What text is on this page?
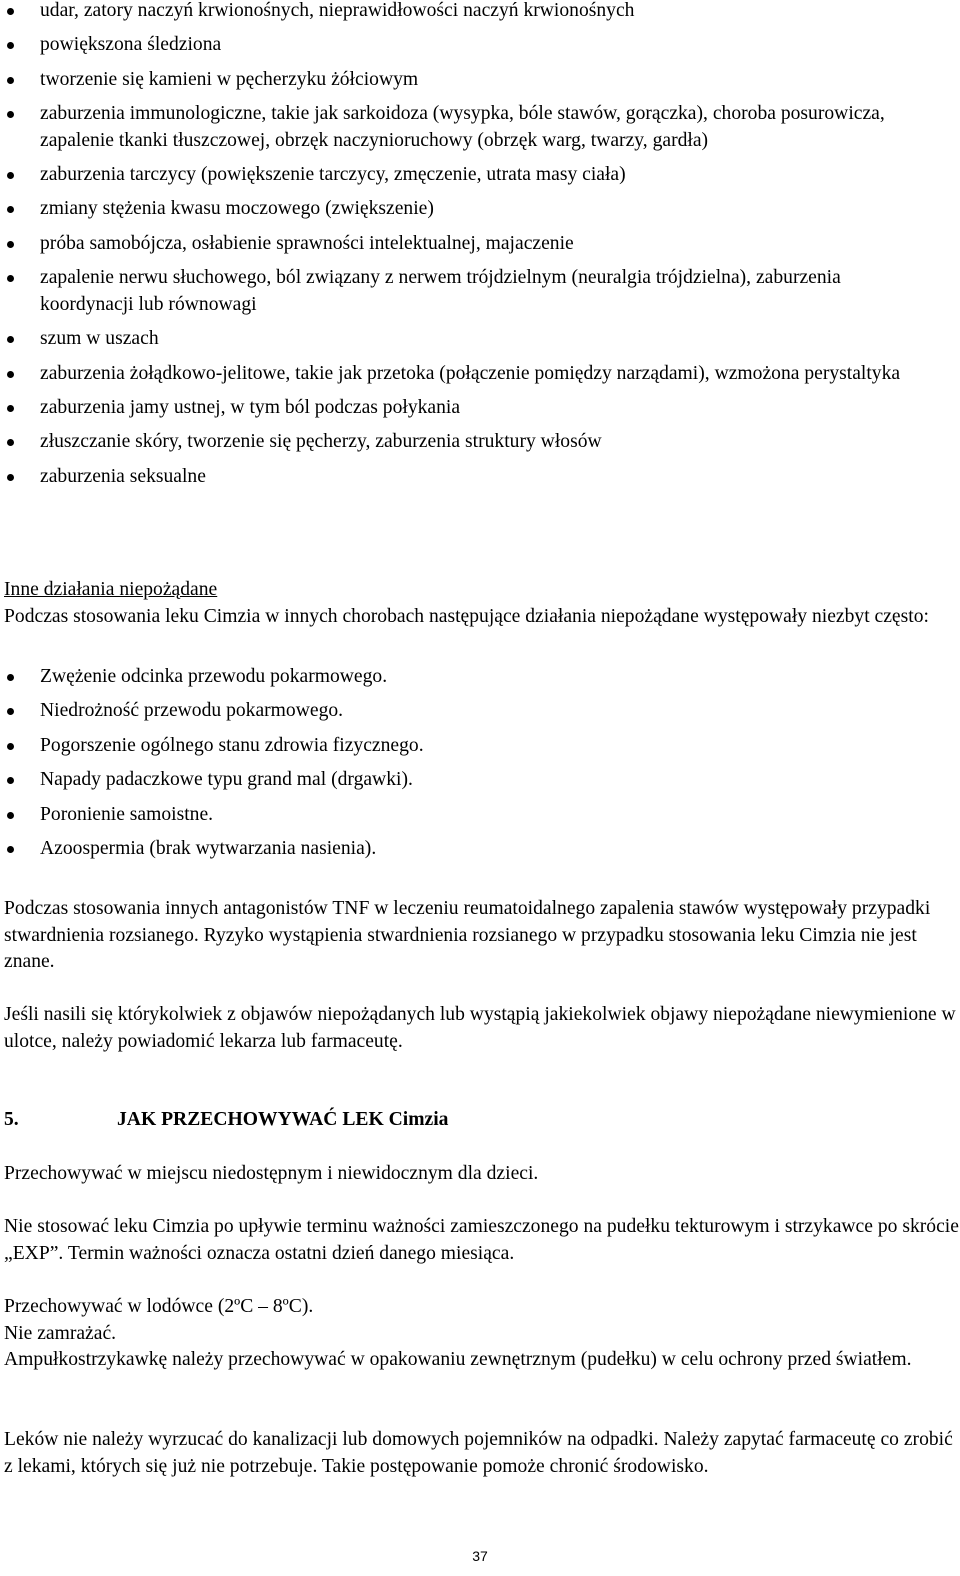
udar, zatory naczyń krwionośnych, nieprawidłowości naczyń krwionośnych
powiększona śledziona
tworzenie się kamieni w pęcherzyku żółciowym
zaburzenia immunologiczne, takie jak sarkoidoza (wysypka, bóle stawów, gorączka), choroba posurowicza, zapalenie tkanki tłuszczowej, obrzęk naczynioruchowy (obrzęk warg, twarzy, gardła)
zaburzenia tarczycy (powiększenie tarczycy, zmęczenie, utrata masy ciała)
zmiany stężenia kwasu moczowego (zwiększenie)
próba samobójcza, osłabienie sprawności intelektualnej, majaczenie
zapalenie nerwu słuchowego, ból związany z nerwem trójdzielnym (neuralgia trójdzielna), zaburzenia koordynacji lub równowagi
szum w uszach
zaburzenia żołądkowo-jelitowe, takie jak przetoka (połączenie pomiędzy narządami), wzmożona perystaltyka
zaburzenia jamy ustnej, w tym ból podczas połykania
złuszczanie skóry, tworzenie się pęcherzy, zaburzenia struktury włosów
zaburzenia seksualne
Inne działania niepożądane
Podczas stosowania leku Cimzia w innych chorobach następujące działania niepożądane występowały niezbyt często:
Zwężenie odcinka przewodu pokarmowego.
Niedrożność przewodu pokarmowego.
Pogorszenie ogólnego stanu zdrowia fizycznego.
Napady padaczkowe typu grand mal (drgawki).
Poronienie samoistne.
Azoospermia (brak wytwarzania nasienia).

Podczas stosowania innych antagonistów TNF w leczeniu reumatoidalnego zapalenia stawów występowały przypadki stwardnienia rozsianego. Ryzyko wystąpienia stwardnienia rozsianego w przypadku stosowania leku Cimzia nie jest znane.

Jeśli nasili się którykolwiek z objawów niepożądanych lub wystąpią jakiekolwiek objawy niepożądane niewymienione w ulotce, należy powiadomić lekarza lub farmaceutę.

5.	JAK PRZECHOWYWAĆ LEK Cimzia

Przechowywać w miejscu niedostępnym i niewidocznym dla dzieci.

Nie stosować leku Cimzia po upływie terminu ważności zamieszczonego na pudełku tekturowym i strzykawce po skrócie „EXP”. Termin ważności oznacza ostatni dzień danego miesiąca.

Przechowywać w lodówce (2ºC – 8ºC).
Nie zamrażać.
Ampułkostrzykawkę należy przechowywać w opakowaniu zewnętrznym (pudełku) w celu ochrony przed światłem.

Leków nie należy wyrzucać do kanalizacji lub domowych pojemników na odpadki. Należy zapytać farmaceutę co zrobić z lekami, których się już nie potrzebuje. Takie postępowanie pomoże chronić środowisko.

37
